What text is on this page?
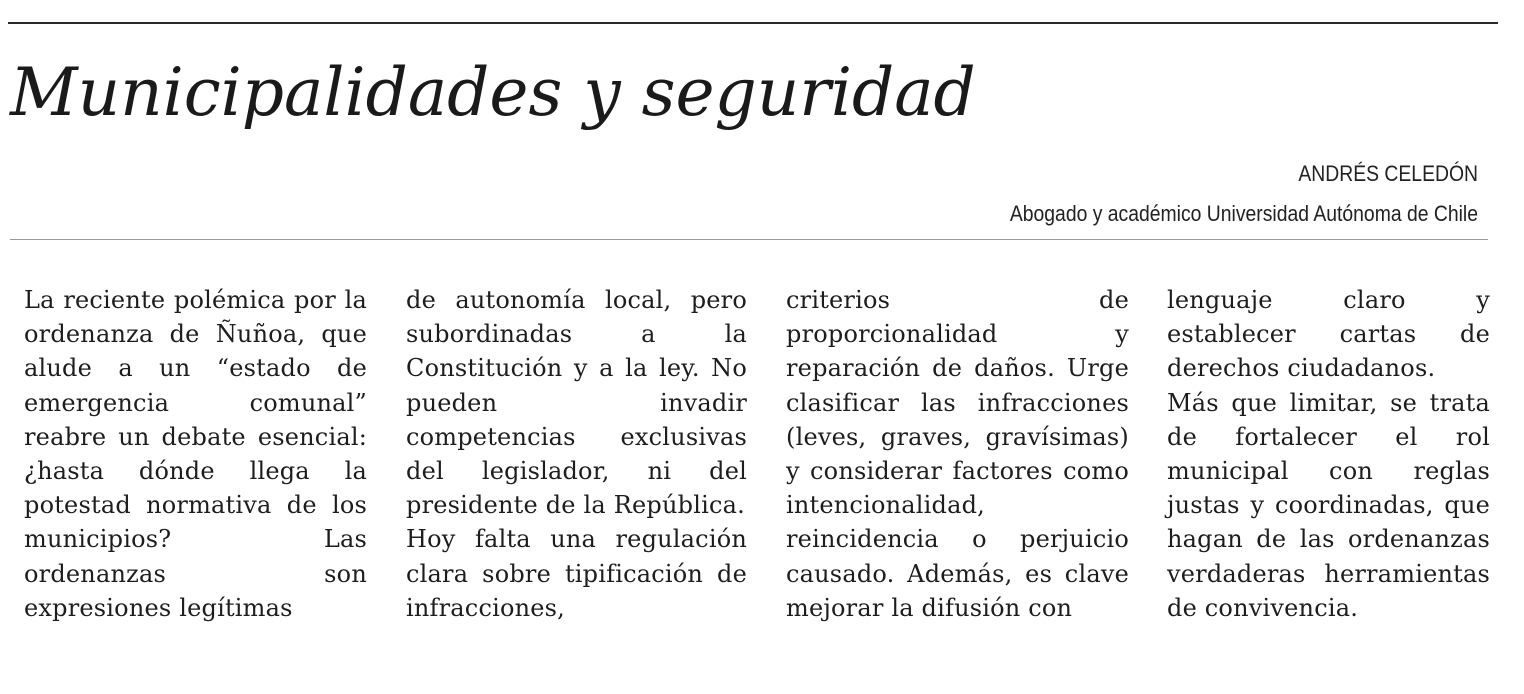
Municipalidades y seguridad
ANDRÉS CELEDÓN
Abogado y académico Universidad Autónoma de Chile

La reciente polémica por la ordenanza de Ñuñoa, que alude a un “estado de emergencia comunal” reabre un debate esencial: ¿hasta dónde llega la potestad normativa de los municipios? Las ordenanzas son expresiones legítimas

de autonomía local, pero subordinadas a la Constitución y a la ley. No pueden invadir competencias exclusivas del legislador, ni del presidente de la República.

Hoy falta una regulación clara sobre tipificación de infracciones,

criterios de proporcionalidad y reparación de daños. Urge clasificar las infracciones (leves, graves, gravísimas) y considerar factores como intencionalidad, reincidencia o perjuicio causado. Además, es clave mejorar la difusión con

lenguaje claro y establecer cartas de derechos ciudadanos.

Más que limitar, se trata de fortalecer el rol municipal con reglas justas y coordinadas, que hagan de las ordenanzas verdaderas herramientas de convivencia.
